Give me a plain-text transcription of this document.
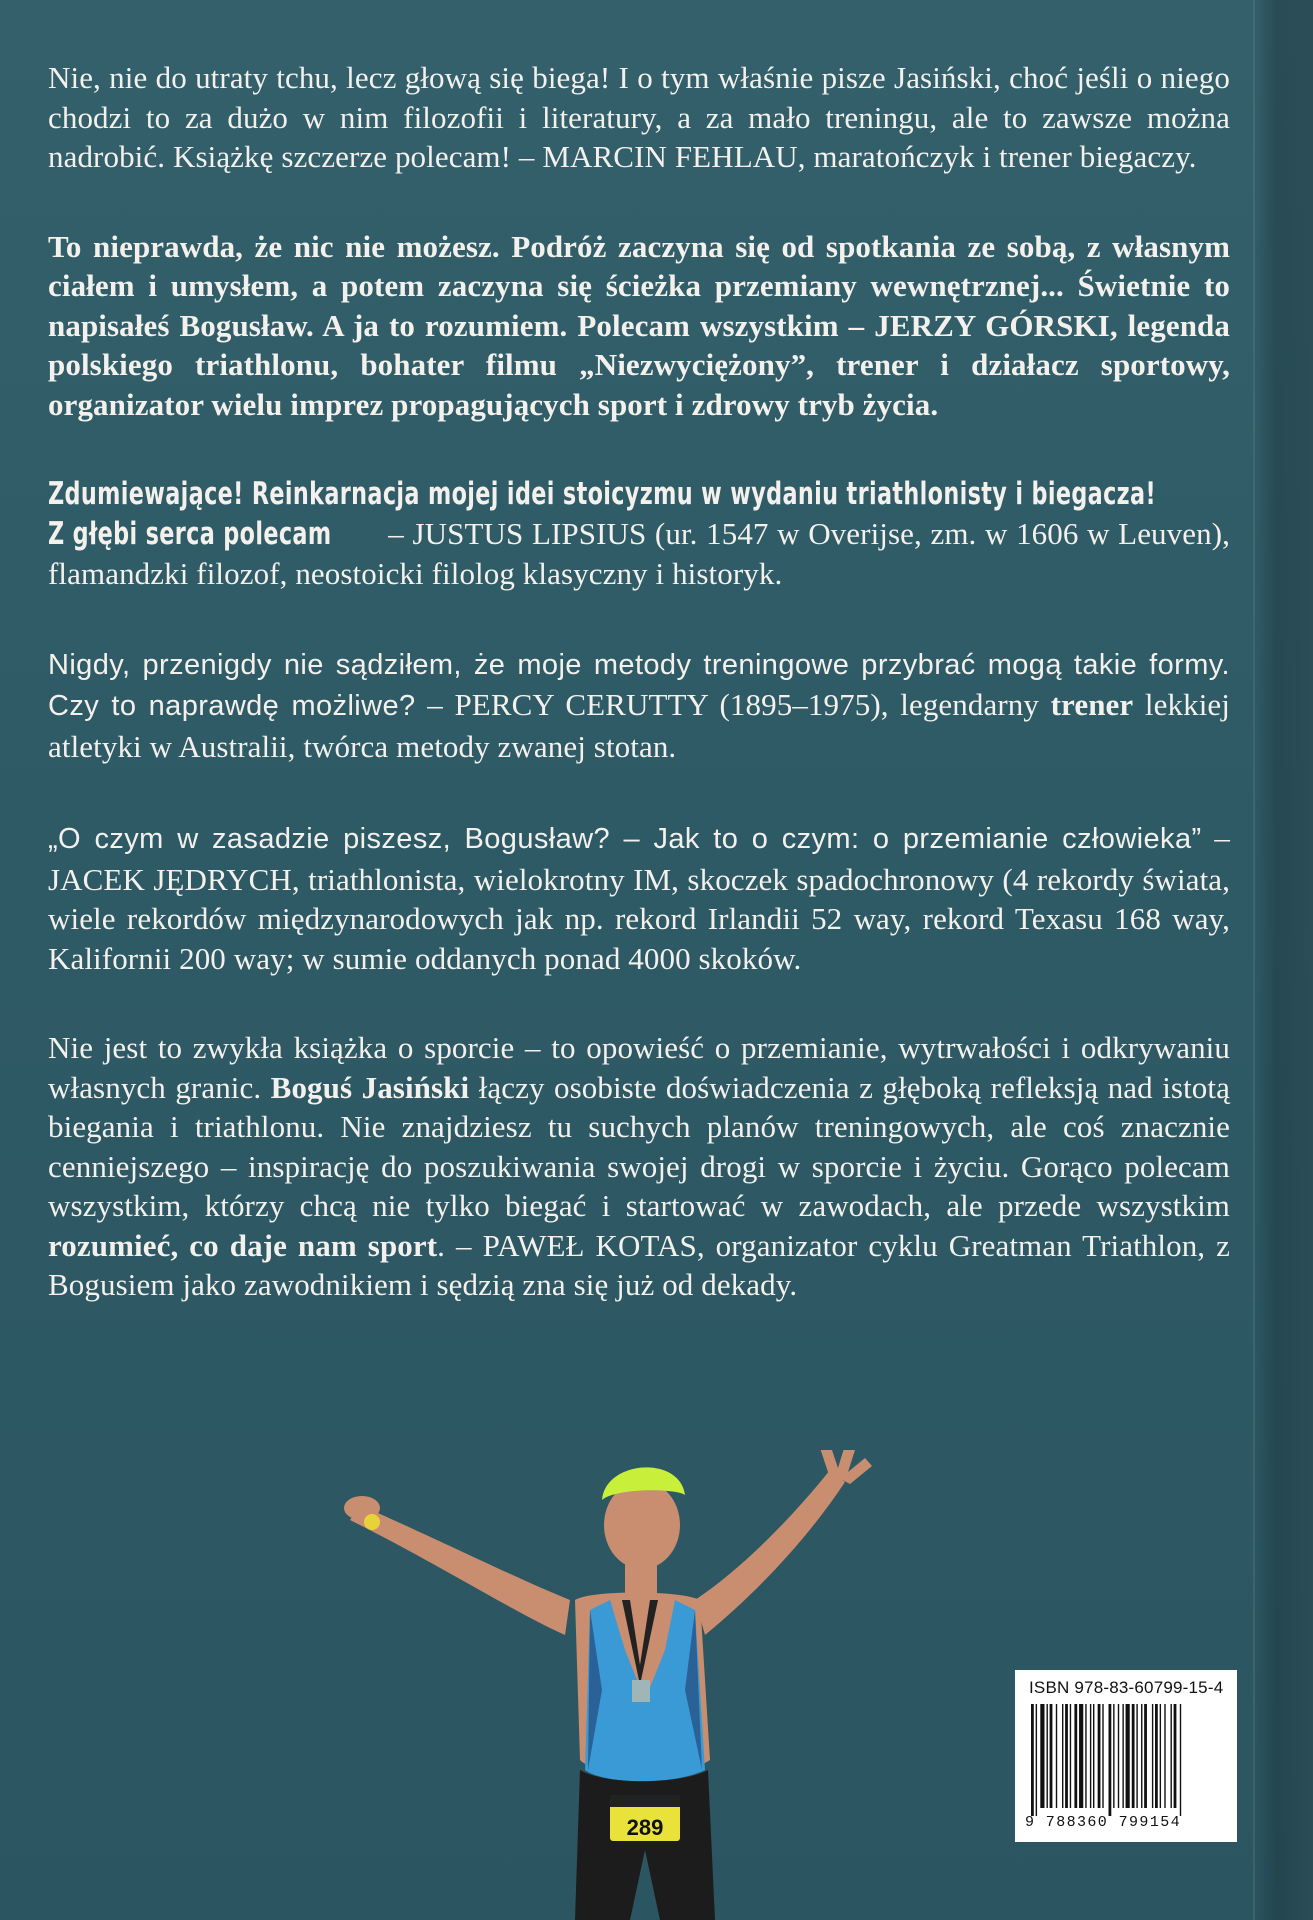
Nie, nie do utraty tchu, lecz głową się biega! I o tym właśnie pisze Jasiński, choć jeśli o niego chodzi to za dużo w nim filozofii i literatury, a za mało treningu, ale to zawsze można nadrobić. Książkę szczerze polecam! – MARCIN FEHLAU, maratończyk i trener biegaczy.

To nieprawda, że nic nie możesz. Podróż zaczyna się od spotkania ze sobą, z własnym ciałem i umysłem, a potem zaczyna się ścieżka przemiany wewnętrznej... Świetnie to napisałeś Bogusław. A ja to rozumiem. Polecam wszystkim – JERZY GÓRSKI, legenda polskiego triathlonu, bohater filmu „Niezwyciężony”, trener i działacz sportowy, organizator wielu imprez propagujących sport i zdrowy tryb życia.

Zdumiewające! Reinkarnacja mojej idei stoicyzmu w wydaniu triathlonisty i biegacza!
Z głębi serca polecam – JUSTUS LIPSIUS (ur. 1547 w Overijse, zm. w 1606 w Leuven), flamandzki filozof, neostoicki filolog klasyczny i historyk.

Nigdy, przenigdy nie sądziłem, że moje metody treningowe przybrać mogą takie formy. Czy to naprawdę możliwe? – PERCY CERUTTY (1895–1975), legendarny trener lekkiej atletyki w Australii, twórca metody zwanej stotan.

„O czym w zasadzie piszesz, Bogusław? – Jak to o czym: o przemianie człowieka” – JACEK JĘDRYCH, triathlonista, wielokrotny IM, skoczek spadochronowy (4 rekordy świata, wiele rekordów międzynarodowych jak np. rekord Irlandii 52 way, rekord Texasu 168 way, Kalifornii 200 way; w sumie oddanych ponad 4000 skoków.

Nie jest to zwykła książka o sporcie – to opowieść o przemianie, wytrwałości i odkrywaniu własnych granic. Boguś Jasiński łączy osobiste doświadczenia z głęboką refleksją nad istotą biegania i triathlonu. Nie znajdziesz tu suchych planów treningowych, ale coś znacznie cenniejszego – inspirację do poszukiwania swojej drogi w sporcie i życiu. Gorąco polecam wszystkim, którzy chcą nie tylko biegać i startować w zawodach, ale przede wszystkim rozumieć, co daje nam sport. – PAWEŁ KOTAS, organizator cyklu Greatman Triathlon, z Bogusiem jako zawodnikiem i sędzią zna się już od dekady.

289
ISBN 978-83-60799-15-4
9 788360 799154
